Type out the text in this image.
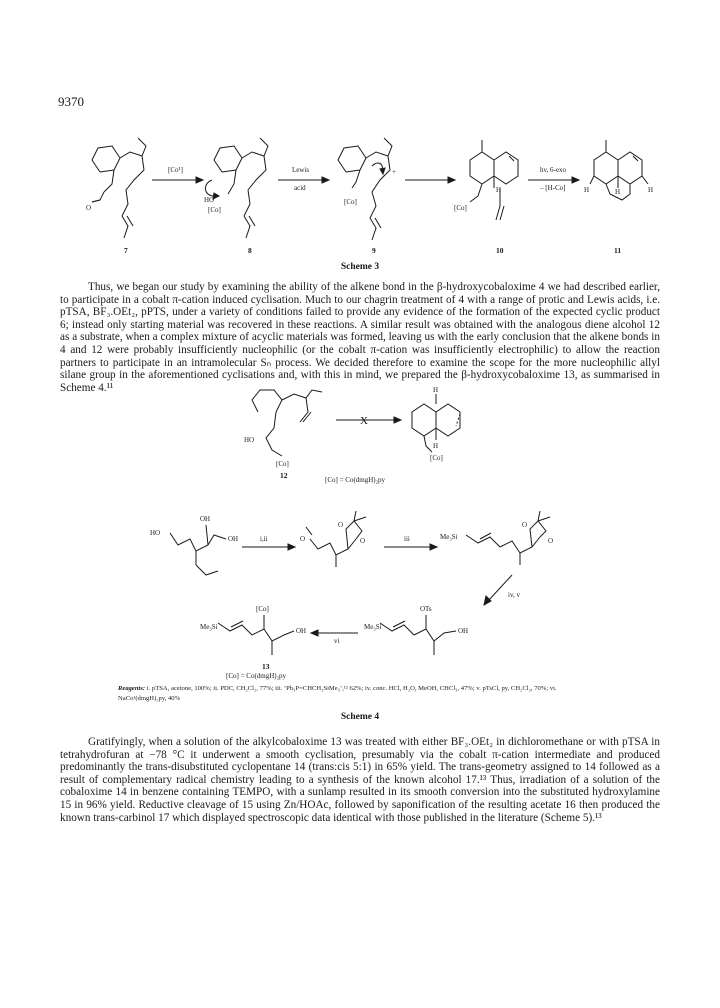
9370
O
[Co¹]
HO
[Co]
Lewis
acid
+
[Co]
H
[Co]
hv, 6-exo
– [H-Co]	H	H	H
7	8	9	10	11
Scheme 3
Thus, we began our study by examining the ability of the alkene bond in the β-hydroxycobaloxime 4 we had described earlier, to participate in a cobalt π-cation induced cyclisation. Much to our chagrin treatment of 4 with a range of protic and Lewis acids, i.e. pTSA, BF₃.OEt₂, pPTS, under a variety of conditions failed to provide any evidence of the formation of the expected cyclic product 6; instead only starting material was recovered in these reactions. A similar result was obtained with the analogous diene alcohol 12 as a substrate, when a complex mixture of acyclic materials was formed, leaving us with the early conclusion that the alkene bonds in 4 and 12 were probably insufficiently nucleophilic (or the cobalt π-cation was insufficiently electrophilic) to allow the reaction partners to participate in an intramolecular Sₙ process. We decided therefore to examine the scope for the more nucleophilic allyl silane group in the aforementioned cyclisations and, with this in mind, we prepared the β-hydroxycobaloxime 13, as summarised in Scheme 4.¹¹
HO
[Co]
X
H
H
[Co]
12	[Co] = Co(dmgH)₂py
OH
HO
OH	i,ii	O
O
O	iii	Me₃Si
O
O
iv, v
Me₃Si
OTs
OH
vi
Me₃Si
[Co]
OH
13
[Co] = Co(dmgH)₂py
Reagents: i. pTSA, acetone, 100%; ii. PDC, CH₂Cl₂, 77%; iii. ‘Ph₃P=CHCH₂SiMe₃’,¹² 62%; iv. conc. HCl, H₂O, MeOH, CHCl₃, 47%; v. pTsCl, py, CH₂Cl₂, 70%; vi. NaCo¹(dmgH)₂py, 40%
Scheme 4
Gratifyingly, when a solution of the alkylcobaloxime 13 was treated with either BF₃.OEt₂ in dichloromethane or with pTSA in tetrahydrofuran at −78 °C it underwent a smooth cyclisation, presumably via the cobalt π-cation intermediate and produced predominantly the trans-disubstituted cyclopentane 14 (trans:cis 5:1) in 65% yield. The trans-geometry assigned to 14 followed as a result of complementary radical chemistry leading to a synthesis of the known alcohol 17.¹³ Thus, irradiation of a solution of the cobaloxime 14 in benzene containing TEMPO, with a sunlamp resulted in its smooth conversion into the substituted hydroxylamine 15 in 96% yield. Reductive cleavage of 15 using Zn/HOAc, followed by saponification of the resulting acetate 16 then produced the known trans-carbinol 17 which displayed spectroscopic data identical with those published in the literature (Scheme 5).¹³
